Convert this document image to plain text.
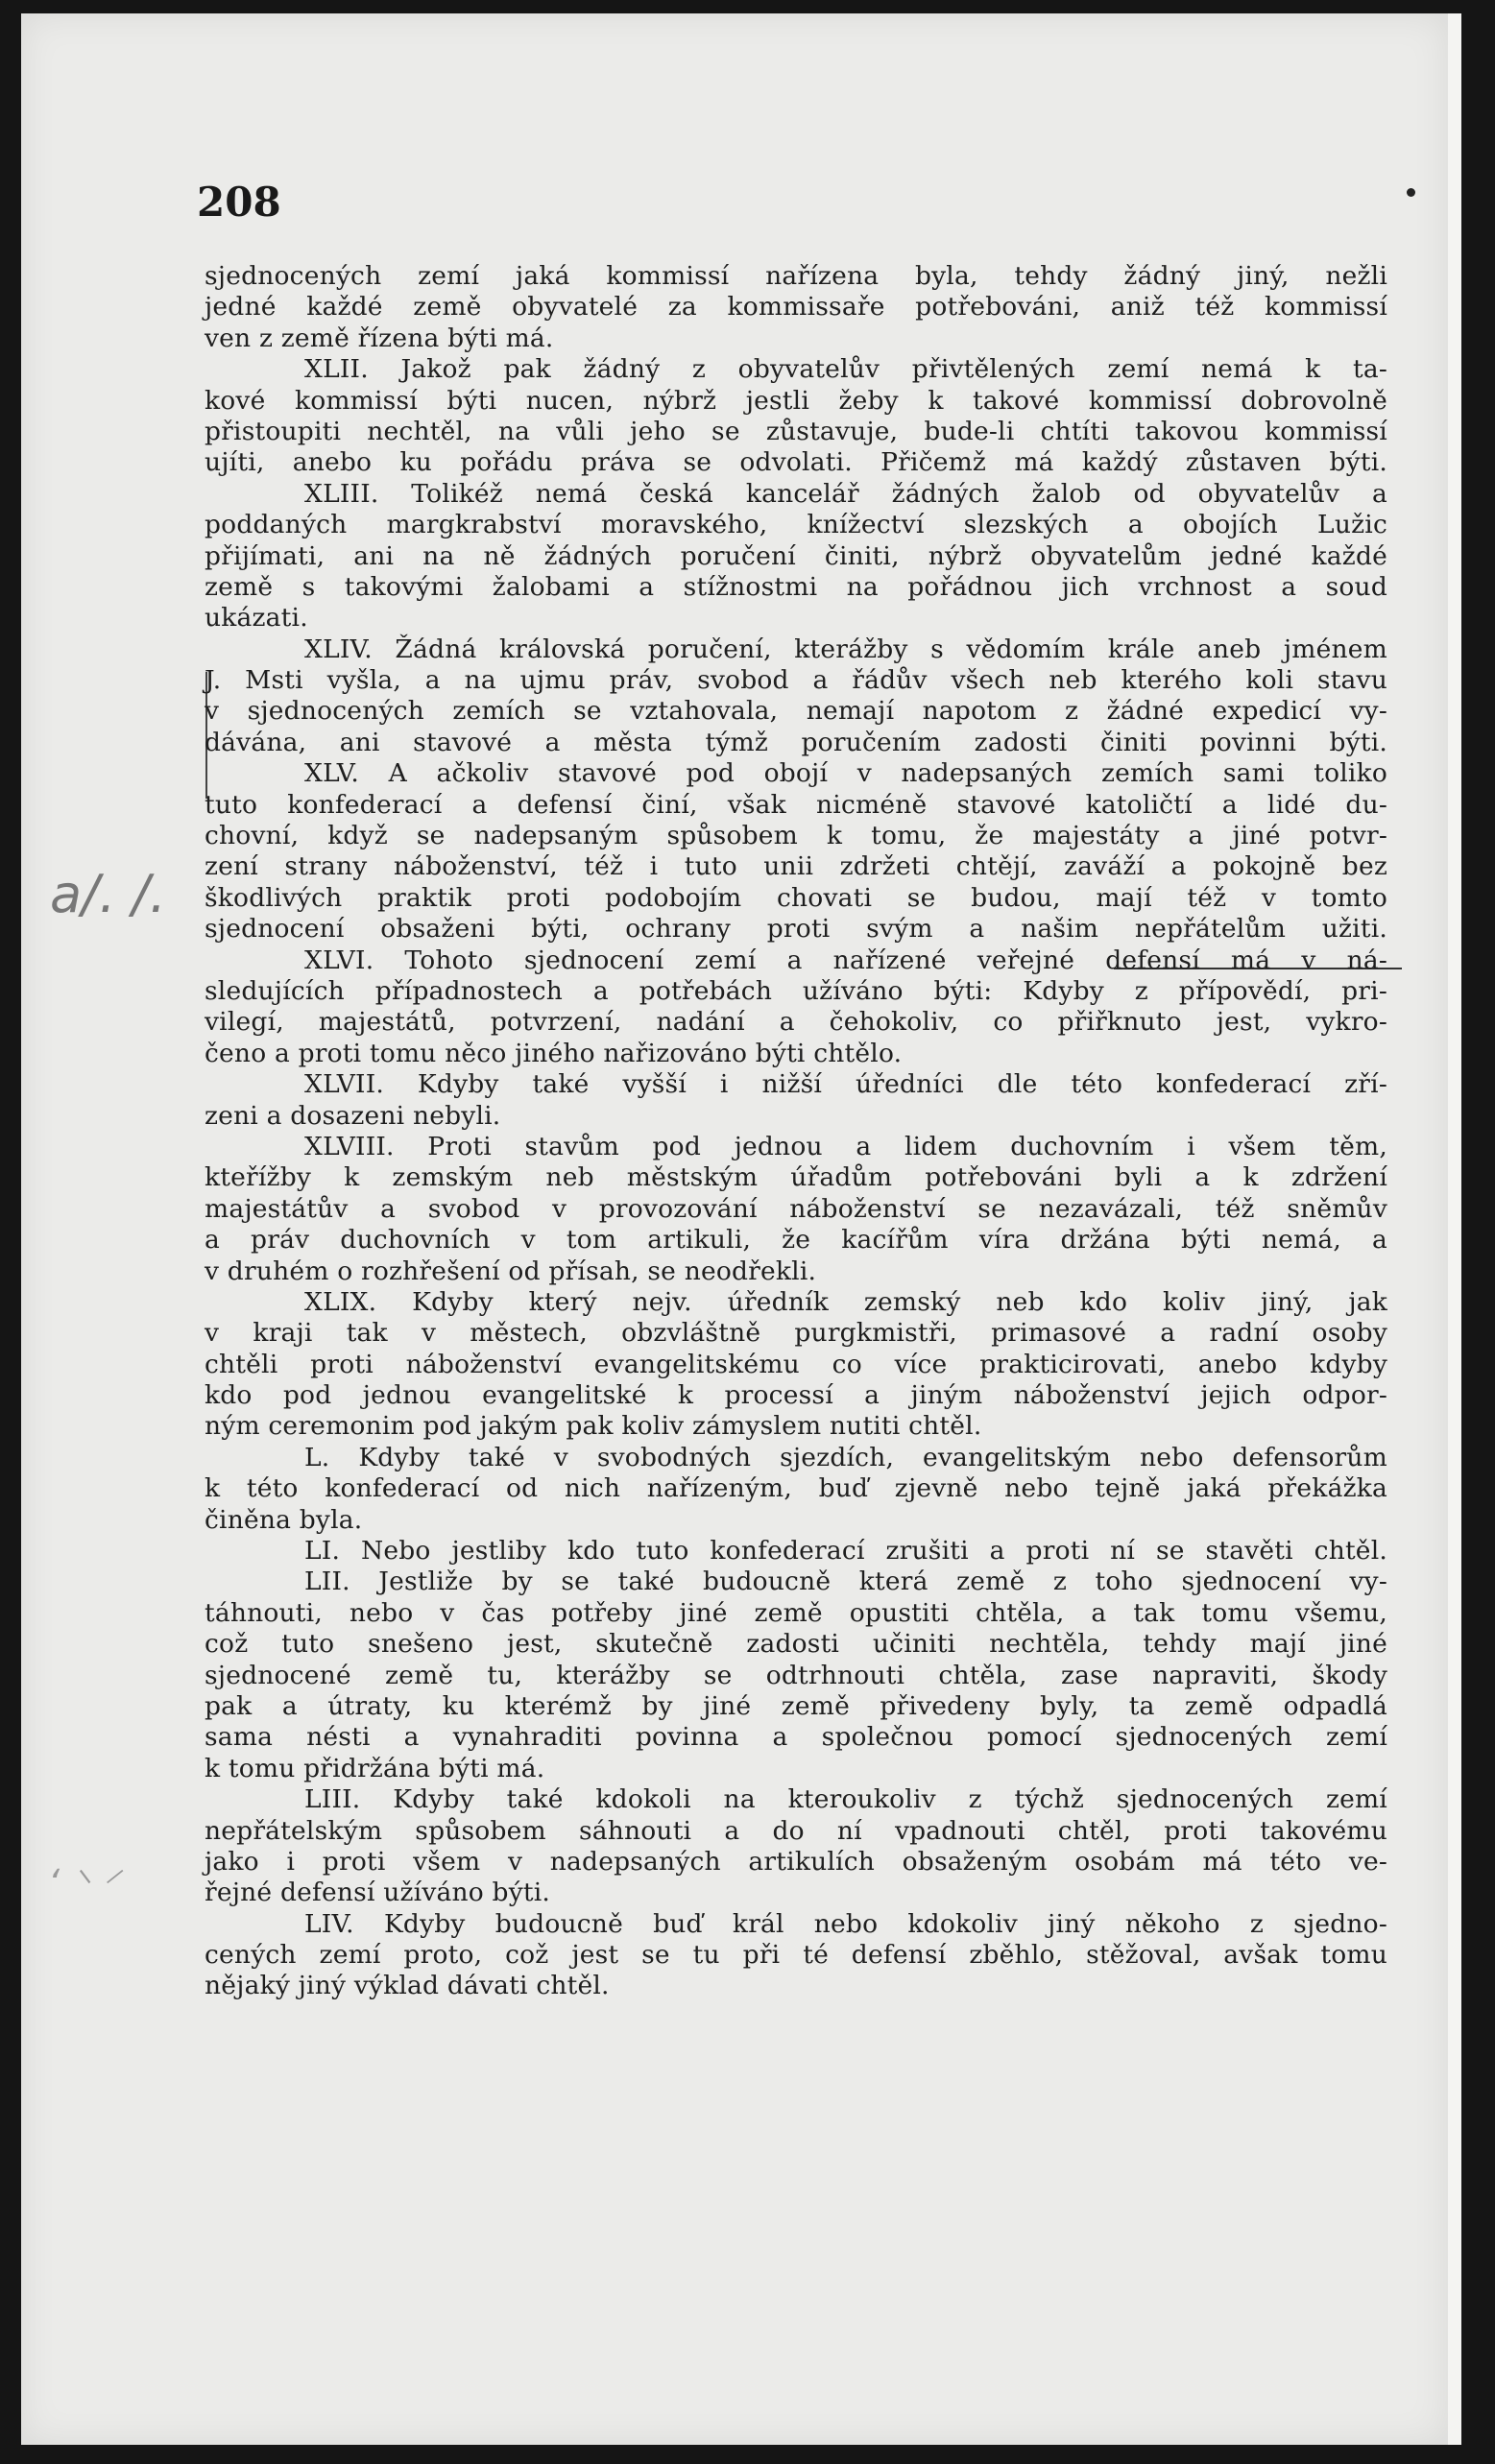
208
a/. /.
ʻ ⸌ ⸍
sjednocených zemí jaká kommissí nařízena byla, tehdy žádný jiný, nežli
jedné každé země obyvatelé za kommissaře potřebováni, aniž též kommissí
ven z země řízena býti má.
XLII. Jakož pak žádný z obyvatelův přivtělených zemí nemá k ta-
kové kommissí býti nucen, nýbrž jestli žeby k takové kommissí dobrovolně
přistoupiti nechtěl, na vůli jeho se zůstavuje, bude-li chtíti takovou kommissí
ujíti, anebo ku pořádu práva se odvolati. Přičemž má každý zůstaven býti.
XLIII. Tolikéž nemá česká kancelář žádných žalob od obyvatelův a
poddaných margkrabství moravského, knížectví slezských a obojích Lužic
přijímati, ani na ně žádných poručení činiti, nýbrž obyvatelům jedné každé
země s takovými žalobami a stížnostmi na pořádnou jich vrchnost a soud
ukázati.
XLIV. Žádná královská poručení, kterážby s vědomím krále aneb jménem
J. Msti vyšla, a na ujmu práv, svobod a řádův všech neb kterého koli stavu
v sjednocených zemích se vztahovala, nemají napotom z žádné expedicí vy-
dávána, ani stavové a města týmž poručením zadosti činiti povinni býti.
XLV. A ačkoliv stavové pod obojí v nadepsaných zemích sami toliko
tuto konfederací a defensí činí, však nicméně stavové katoličtí a lidé du-
chovní, když se nadepsaným spůsobem k tomu, že majestáty a jiné potvr-
zení strany náboženství, též i tuto unii zdržeti chtějí, zaváží a pokojně bez
škodlivých praktik proti podobojím chovati se budou, mají též v tomto
sjednocení obsaženi býti, ochrany proti svým a našim nepřátelům užiti.
XLVI. Tohoto sjednocení zemí a nařízené veřejné defensí má v ná-
sledujících případnostech a potřebách užíváno býti: Kdyby z přípovědí, pri-
vilegí, majestátů, potvrzení, nadání a čehokoliv, co přiřknuto jest, vykro-
čeno a proti tomu něco jiného nařizováno býti chtělo.
XLVII. Kdyby také vyšší i nižší úředníci dle této konfederací zří-
zeni a dosazeni nebyli.
XLVIII. Proti stavům pod jednou a lidem duchovním i všem těm,
kteřížby k zemským neb městským úřadům potřebováni byli a k zdržení
majestátův a svobod v provozování náboženství se nezavázali, též sněmův
a práv duchovních v tom artikuli, že kacířům víra držána býti nemá, a
v druhém o rozhřešení od přísah, se neodřekli.
XLIX. Kdyby který nejv. úředník zemský neb kdo koliv jiný, jak
v kraji tak v městech, obzvláštně purgkmistři, primasové a radní osoby
chtěli proti náboženství evangelitskému co více prakticirovati, anebo kdyby
kdo pod jednou evangelitské k processí a jiným náboženství jejich odpor-
ným ceremonim pod jakým pak koliv zámyslem nutiti chtěl.
L. Kdyby také v svobodných sjezdích, evangelitským nebo defensorům
k této konfederací od nich nařízeným, buď zjevně nebo tejně jaká překážka
činěna byla.
LI. Nebo jestliby kdo tuto konfederací zrušiti a proti ní se stavěti chtěl.
LII. Jestliže by se také budoucně která země z toho sjednocení vy-
táhnouti, nebo v čas potřeby jiné země opustiti chtěla, a tak tomu všemu,
což tuto snešeno jest, skutečně zadosti učiniti nechtěla, tehdy mají jiné
sjednocené země tu, kterážby se odtrhnouti chtěla, zase napraviti, škody
pak a útraty, ku kterémž by jiné země přivedeny byly, ta země odpadlá
sama nésti a vynahraditi povinna a společnou pomocí sjednocených zemí
k tomu přidržána býti má.
LIII. Kdyby také kdokoli na kteroukoliv z týchž sjednocených zemí
nepřátelským spůsobem sáhnouti a do ní vpadnouti chtěl, proti takovému
jako i proti všem v nadepsaných artikulích obsaženým osobám má této ve-
řejné defensí užíváno býti.
LIV. Kdyby budoucně buď král nebo kdokoliv jiný někoho z sjedno-
cených zemí proto, což jest se tu při té defensí zběhlo, stěžoval, avšak tomu
nějaký jiný výklad dávati chtěl.
